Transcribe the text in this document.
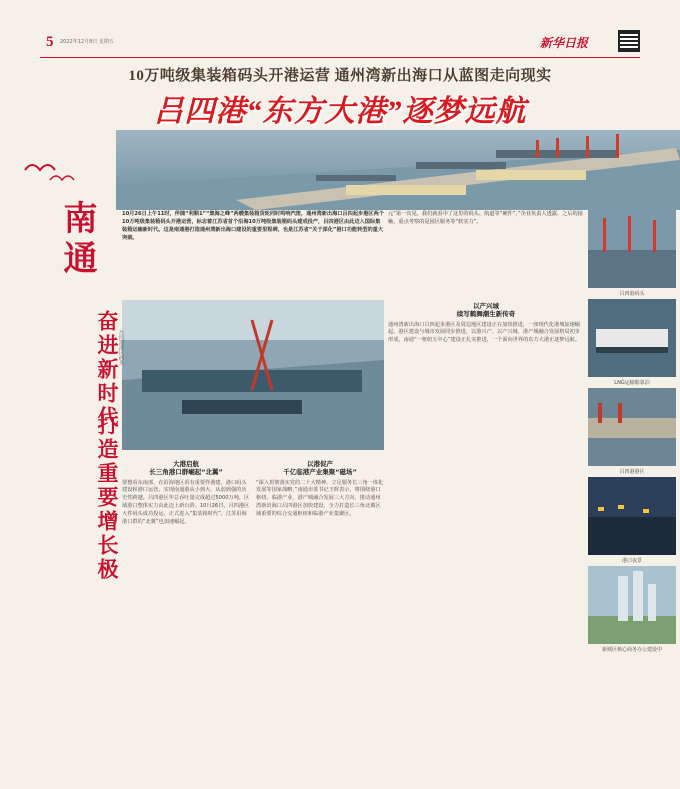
5 2022年12月8日 星期五	新华日报
10万吨级集装箱码头开港运营 通州湾新出海口从蓝图走向现实
吕四港“东方大港”逐梦远航
南通
奋进新时代
打造重要增长极
10月26日上午11时，伴随“利顺1”“集海之峰”两艘集装箱货轮同时鸣响汽笛，通州湾新出海口吕四起步港区两个10万吨级集装箱码头开港运营，标志着江苏省首个沿海10万吨级集装箱码头建成投产，吕四港区由此迈入国际集装箱运输新时代。这是南通港打造通州湾新出海口建设的重要里程碑，也是江苏省“关于深化”港口功能转型的重大突破。
元“第一次见，我们就看中了这里的码头、航道等”硬件”，”企业负责人透露，之后的接触，重点考察的是园区服务等“软实力”。
吕四港港区码头
大港启航
长三角港口群崛起“北翼”
要想看东南部，在沿海地区看有重要作港建、港口码头建设和港口运营，实现南通港从小到大、从弱到强的历史性跨越。吕四港区年总吞吐量完成超过5000万吨，区域港口整体实力由此迈上新台阶。10月26日，吕四港区大件码头成功投运，正式进入“集装箱时代”，江苏沿海港口群的“北翼”也加速崛起。
以港促产
千亿临港产业集聚“磁场”
“深入贯彻落实党的二十大精神，立足服务长三角一体化发展等国家战略，”南通市委书记王晖表示，将围绕港口枢纽、临港产业、港产城融合发展三大方向，推动通州湾新出海口吕四港区加快建设，全力打造长三角北翼区域重要的综合交通枢纽和临港产业集聚区。
以产兴城
续写鹤舞潮生新传奇
通州湾新出海口吕四起步港区及周边地区建设正在加快推进，一座现代化港城加速崛起。港区建设与城市发展同步推进，以港兴产、以产兴城、港产城融合发展格局初步形成，南通“一枢纽五中心”建设正扎实推进，一个面向世界的东方大港正逐梦远航。
吕四港码头
LNG运输船靠泊
吕四港港区
港口夜景
新城区核心商务办公建设中
